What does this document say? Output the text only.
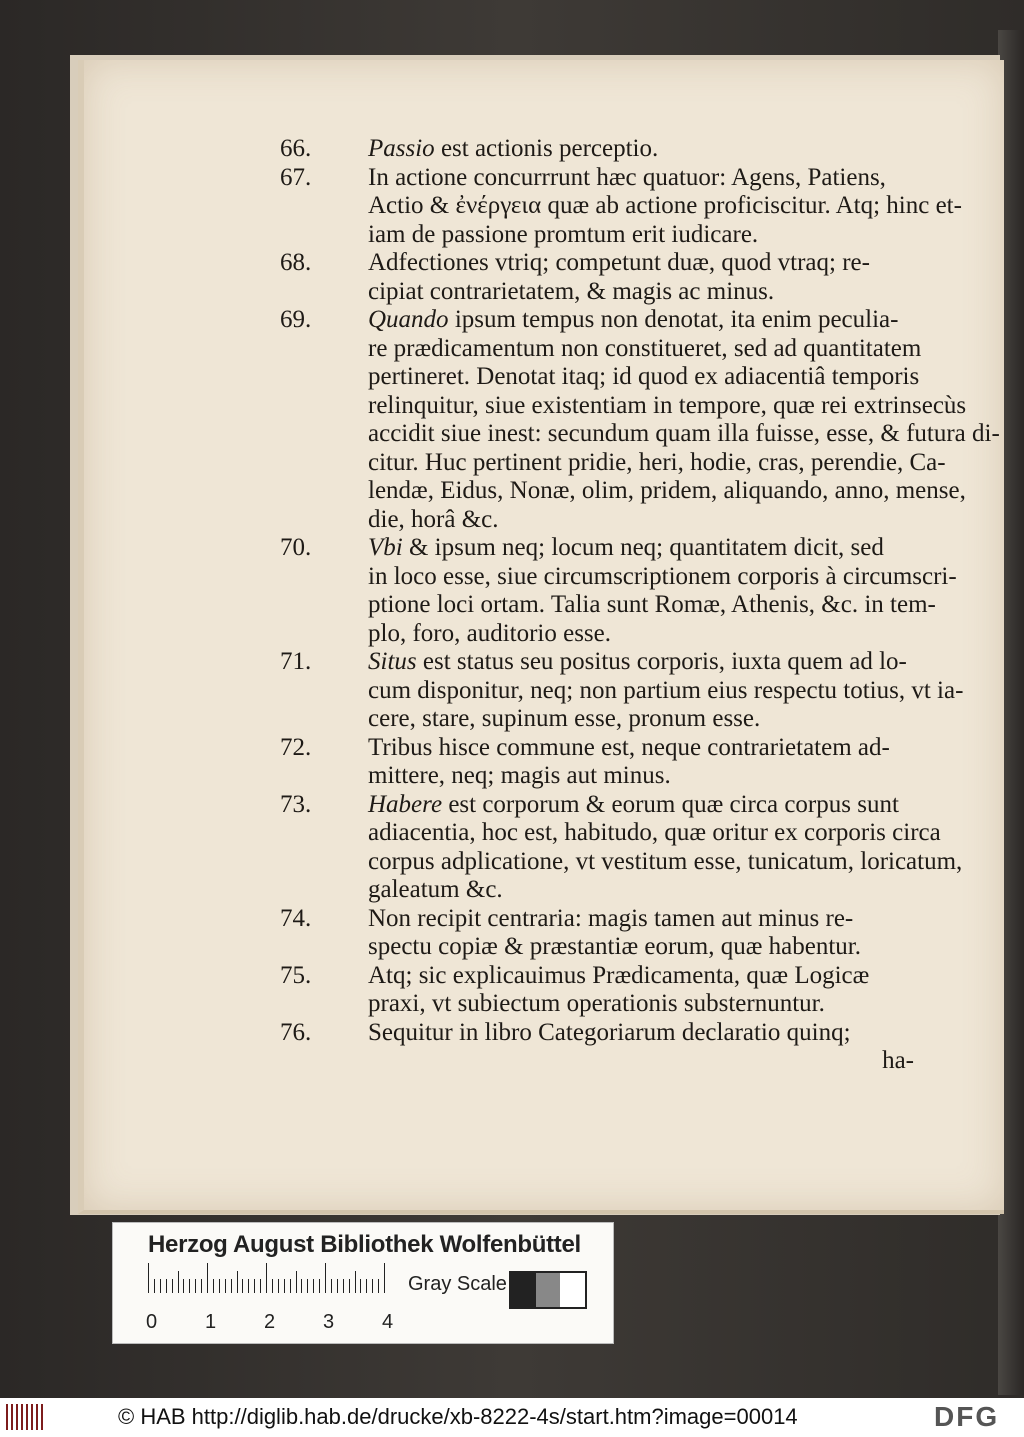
66. Passio est actionis perceptio.
67. In actione concurrrunt hæc quatuor: Agens, Patiens,
Actio & ἐνέργεια quæ ab actione proficiscitur. Atq; hinc et-
iam de passione promtum erit iudicare.
68. Adfectiones vtriq; competunt duæ, quod vtraq; re-
cipiat contrarietatem, & magis ac minus.
69. Quando ipsum tempus non denotat, ita enim peculia-
re prædicamentum non constitueret, sed ad quantitatem
pertineret. Denotat itaq; id quod ex adiacentiâ temporis
relinquitur, siue existentiam in tempore, quæ rei extrinsecùs
accidit siue inest: secundum quam illa fuisse, esse, & futura di-
citur. Huc pertinent pridie, heri, hodie, cras, perendie, Ca-
lendæ, Eidus, Nonæ, olim, pridem, aliquando, anno, mense,
die, horâ &c.
70. Vbi & ipsum neq; locum neq; quantitatem dicit, sed
in loco esse, siue circumscriptionem corporis à circumscri-
ptione loci ortam. Talia sunt Romæ, Athenis, &c. in tem-
plo, foro, auditorio esse.
71. Situs est status seu positus corporis, iuxta quem ad lo-
cum disponitur, neq; non partium eius respectu totius, vt ia-
cere, stare, supinum esse, pronum esse.
72. Tribus hisce commune est, neque contrarietatem ad-
mittere, neq; magis aut minus.
73. Habere est corporum & eorum quæ circa corpus sunt
adiacentia, hoc est, habitudo, quæ oritur ex corporis circa
corpus adplicatione, vt vestitum esse, tunicatum, loricatum,
galeatum &c.
74. Non recipit centraria: magis tamen aut minus re-
spectu copiæ & præstantiæ eorum, quæ habentur.
75. Atq; sic explicauimus Prædicamenta, quæ Logicæ
praxi, vt subiectum operationis substernuntur.
76. Sequitur in libro Categoriarum declaratio quinq;
ha-
Herzog August Bibliothek Wolfenbüttel
0 1 2 3 4
Gray Scale
© HAB http://diglib.hab.de/drucke/xb-8222-4s/start.htm?image=00014	DFG
